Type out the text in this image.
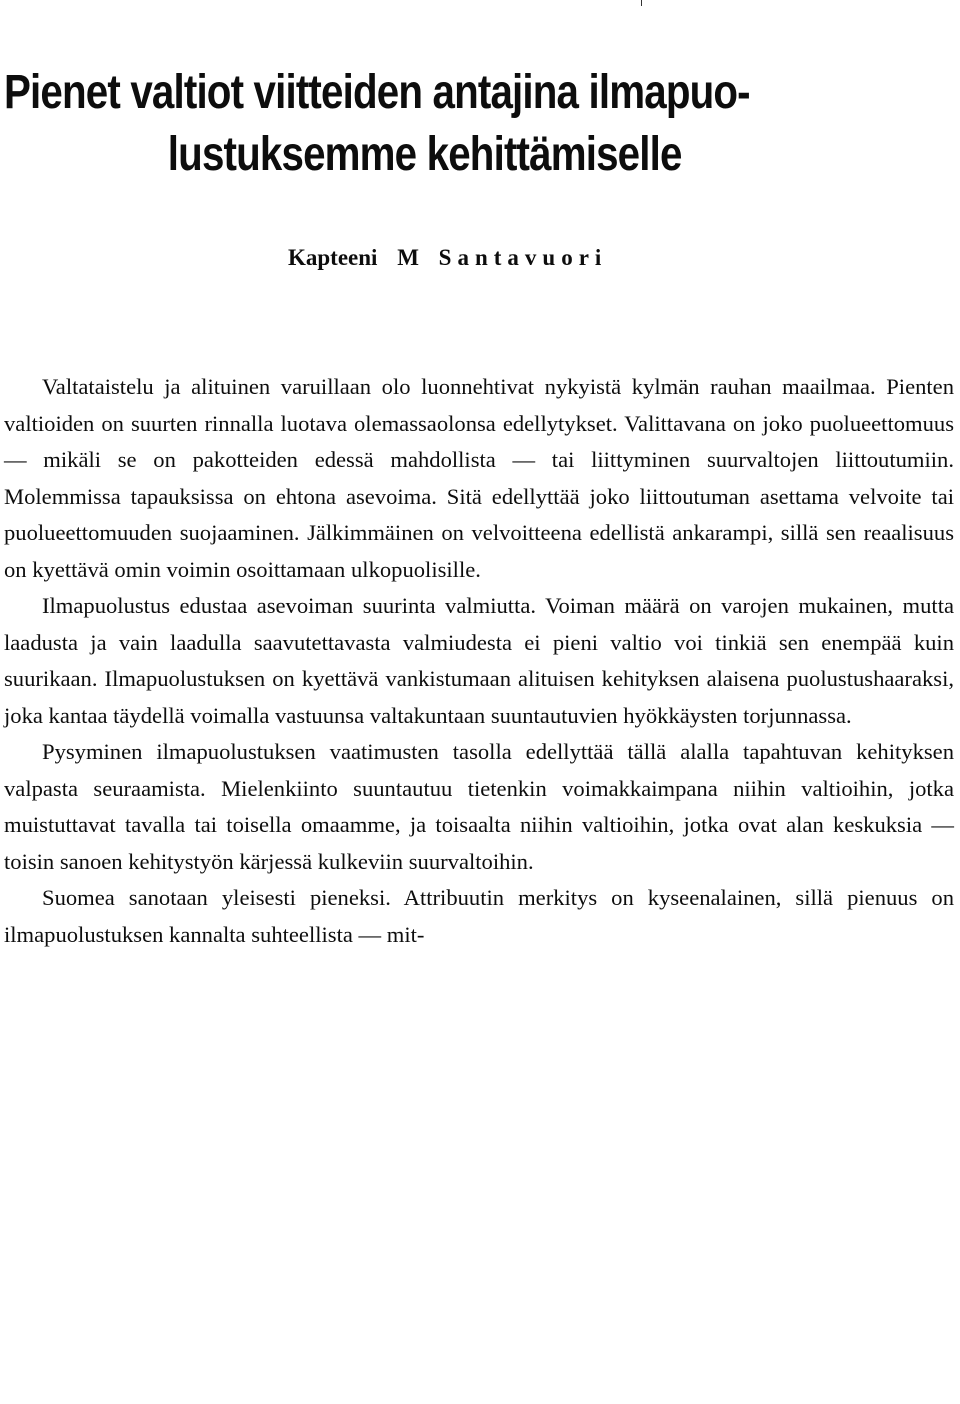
Pienet valtiot viitteiden antajina ilmapuo-
lustuksemme kehittämiselle

Kapteeni M Santavuori

Valtataistelu ja alituinen varuillaan olo luonnehtivat nykyistä kylmän rauhan maailmaa. Pienten valtioiden on suurten rinnalla luotava olemassaolonsa edellytykset. Valittavana on joko puolueettomuus — mikäli se on pakotteiden edessä mahdollista — tai liittyminen suurvaltojen liittoutumiin. Molemmissa tapauksissa on ehtona asevoima. Sitä edellyttää joko liittoutuman asettama velvoite tai puolueettomuuden suojaaminen. Jälkimmäinen on velvoitteena edellistä ankarampi, sillä sen reaalisuus on kyettävä omin voimin osoittamaan ulkopuolisille.

Ilmapuolustus edustaa asevoiman suurinta valmiutta. Voiman määrä on varojen mukainen, mutta laadusta ja vain laadulla saavutettavasta valmiudesta ei pieni valtio voi tinkiä sen enempää kuin suurikaan. Ilmapuolustuksen on kyettävä vankistumaan alituisen kehityksen alaisena puolustushaaraksi, joka kantaa täydellä voimalla vastuunsa valtakuntaan suuntautuvien hyökkäysten torjunnassa.

Pysyminen ilmapuolustuksen vaatimusten tasolla edellyttää tällä alalla tapahtuvan kehityksen valpasta seuraamista. Mielenkiinto suuntautuu tietenkin voimakkaimpana niihin valtioihin, jotka muistuttavat tavalla tai toisella omaamme, ja toisaalta niihin valtioihin, jotka ovat alan keskuksia — toisin sanoen kehitystyön kärjessä kulkeviin suurvaltoihin.

Suomea sanotaan yleisesti pieneksi. Attribuutin merkitys on kyseenalainen, sillä pienuus on ilmapuolustuksen kannalta suhteellista — mit-
